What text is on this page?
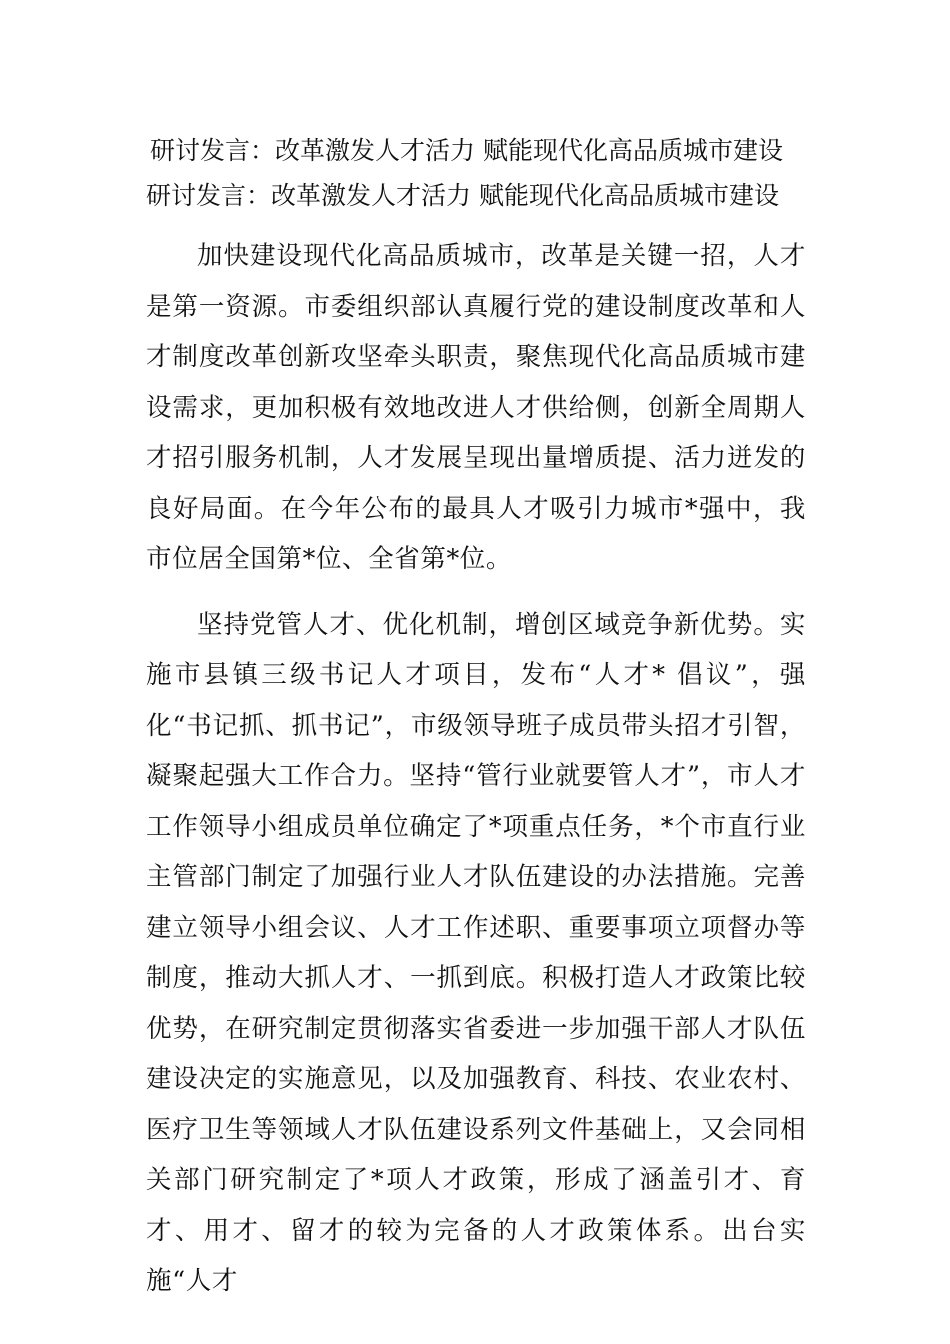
研讨发言：改革激发人才活力 赋能现代化高品质城市建设
研讨发言：改革激发人才活力 赋能现代化高品质城市建设

加快建设现代化高品质城市，改革是关键一招，人才是第一资源。市委组织部认真履行党的建设制度改革和人才制度改革创新攻坚牵头职责，聚焦现代化高品质城市建设需求，更加积极有效地改进人才供给侧，创新全周期人才招引服务机制，人才发展呈现出量增质提、活力迸发的良好局面。在今年公布的最具人才吸引力城市*强中，我市位居全国第*位、全省第*位。

坚持党管人才、优化机制，增创区域竞争新优势。实施市县镇三级书记人才项目，发布“人才* 倡议”，强化“书记抓、抓书记”，市级领导班子成员带头招才引智，凝聚起强大工作合力。坚持“管行业就要管人才”，市人才工作领导小组成员单位确定了*项重点任务，*个市直行业主管部门制定了加强行业人才队伍建设的办法措施。完善建立领导小组会议、人才工作述职、重要事项立项督办等制度，推动大抓人才、一抓到底。积极打造人才政策比较优势，在研究制定贯彻落实省委进一步加强干部人才队伍建设决定的实施意见，以及加强教育、科技、农业农村、医疗卫生等领域人才队伍建设系列文件基础上，又会同相关部门研究制定了*项人才政策，形成了涵盖引才、育才、用才、留才的较为完备的人才政策体系。出台实施“人才
